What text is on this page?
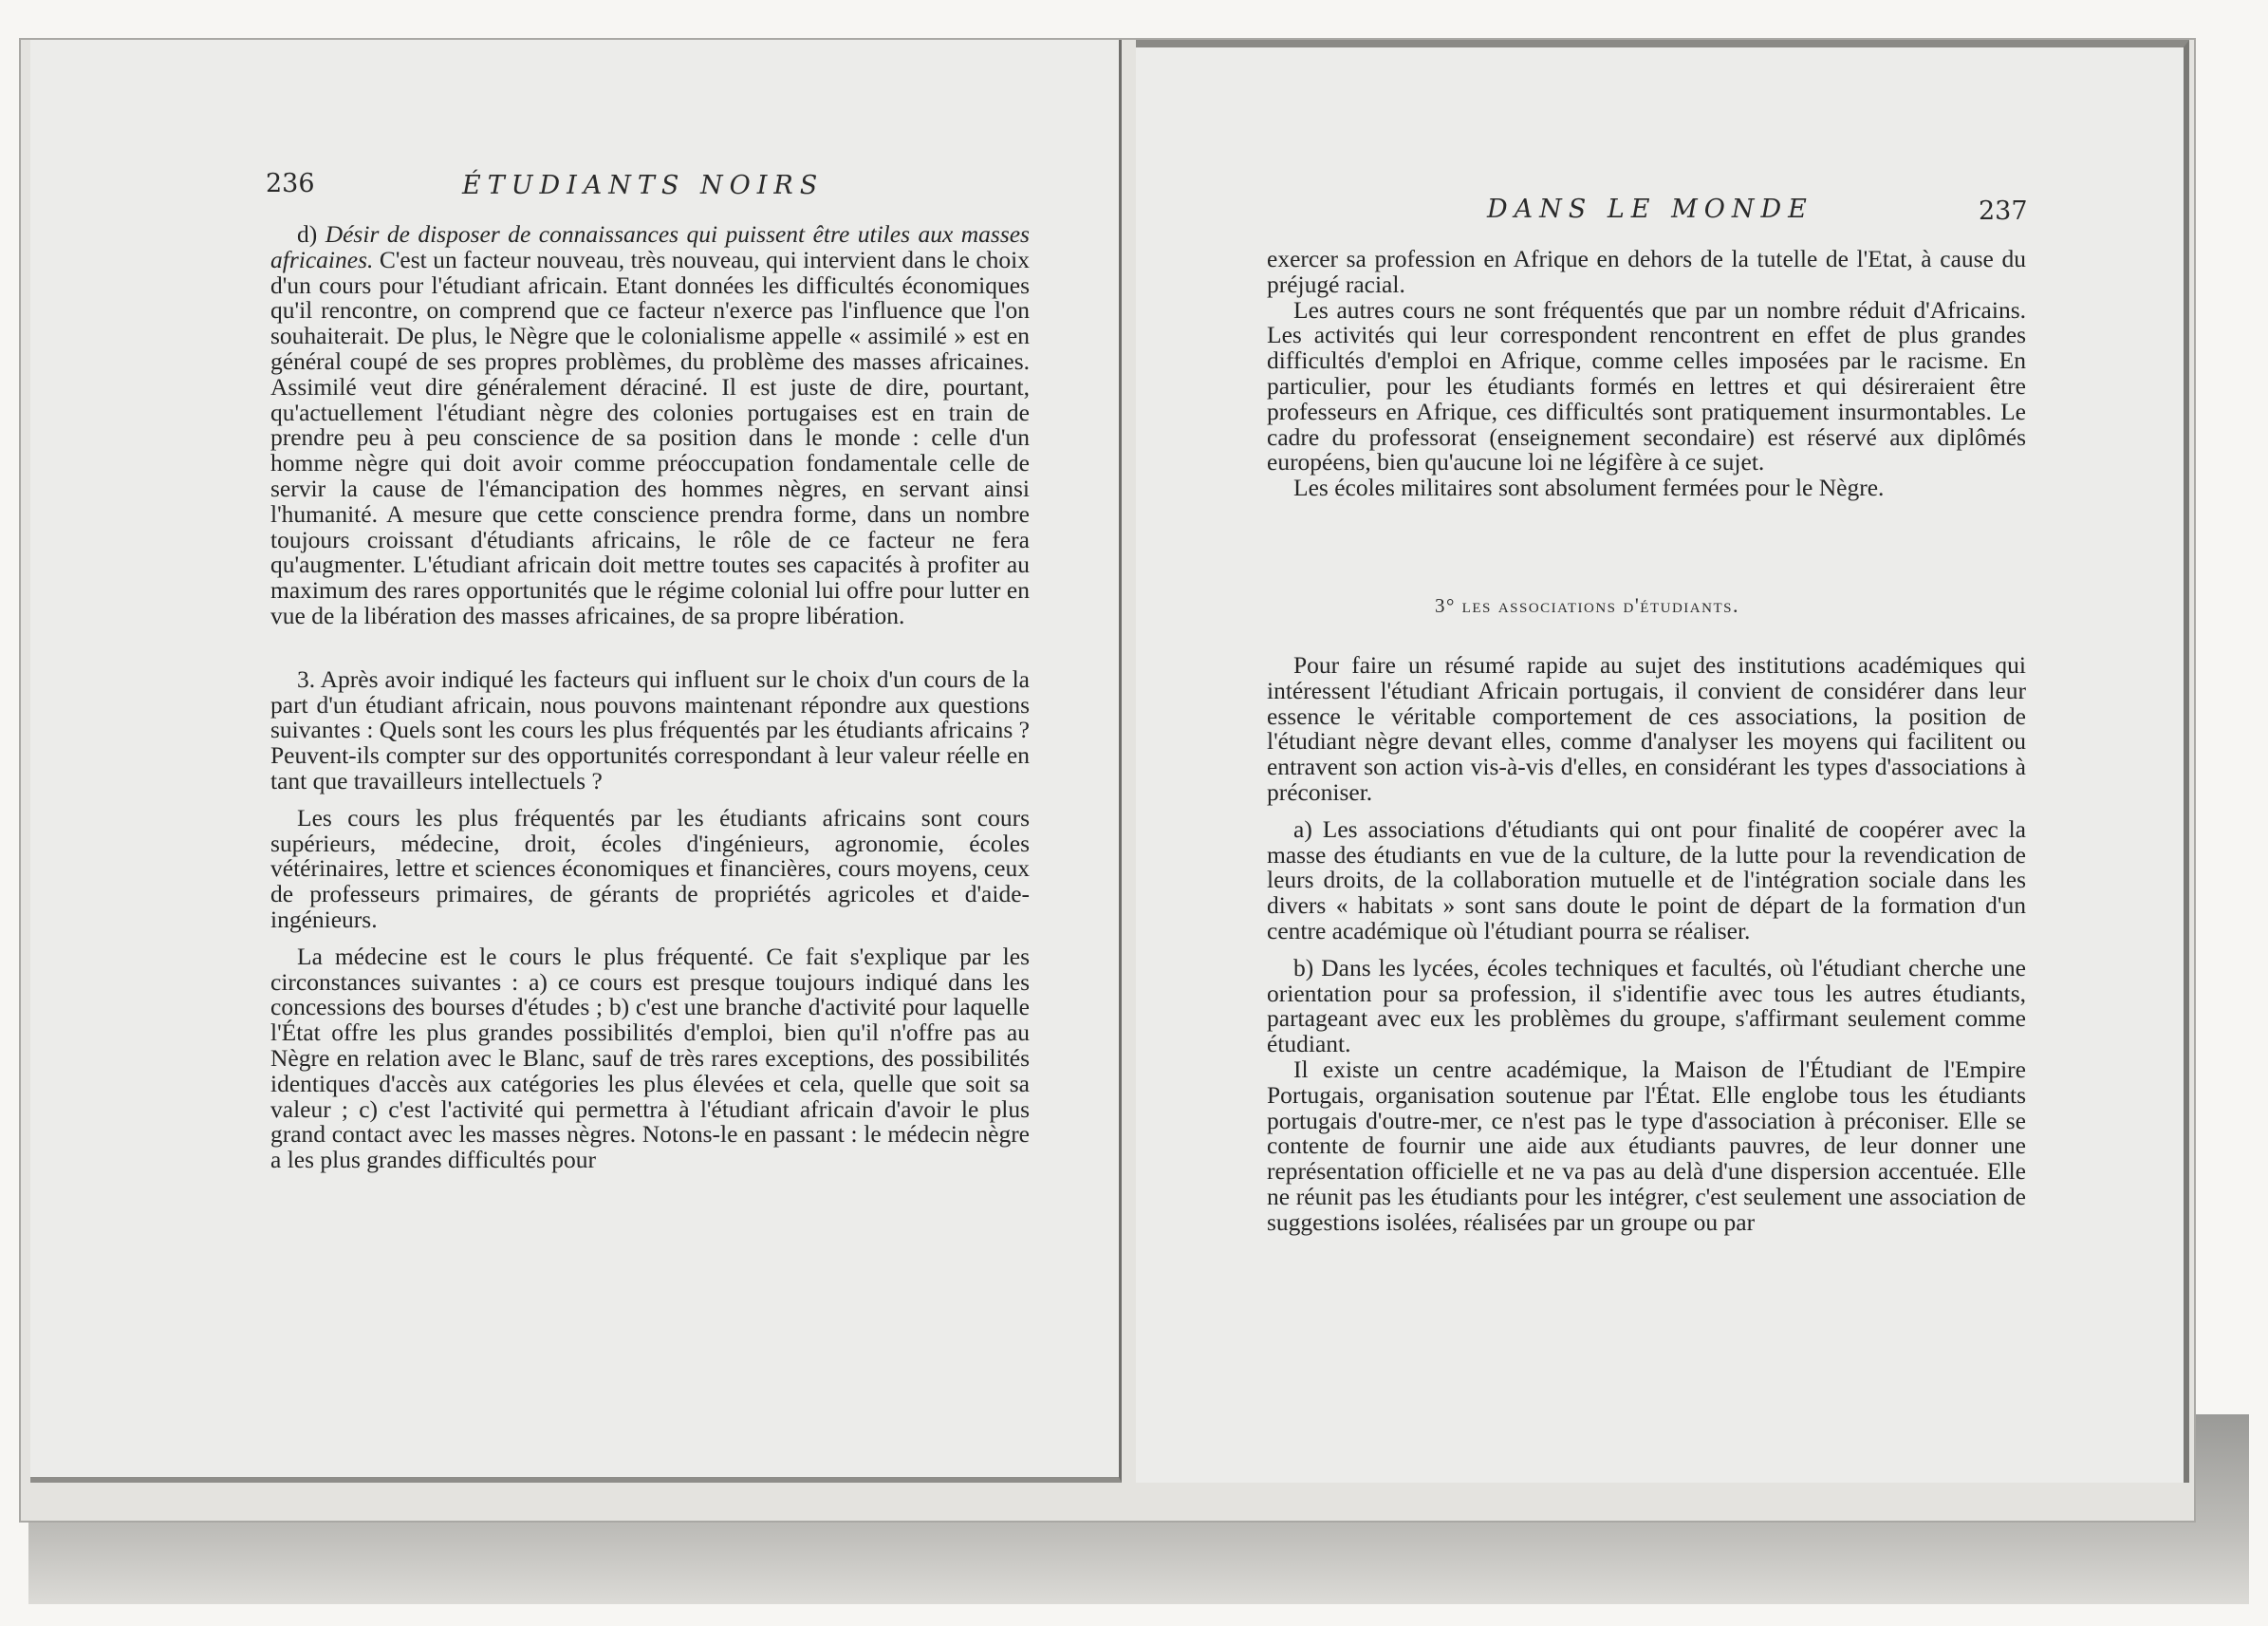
236	ÉTUDIANTS NOIRS

d) Désir de disposer de connaissances qui puissent être utiles aux masses africaines. C'est un facteur nouveau, très nouveau, qui intervient dans le choix d'un cours pour l'étudiant africain. Etant données les difficultés économiques qu'il rencontre, on comprend que ce facteur n'exerce pas l'influence que l'on souhaiterait. De plus, le Nègre que le colonialisme appelle « assimilé » est en général coupé de ses propres problèmes, du problème des masses africaines. Assimilé veut dire généralement déraciné. Il est juste de dire, pourtant, qu'actuellement l'étudiant nègre des colonies portugaises est en train de prendre peu à peu conscience de sa position dans le monde : celle d'un homme nègre qui doit avoir comme préoccupation fondamentale celle de servir la cause de l'émancipation des hommes nègres, en servant ainsi l'humanité. A mesure que cette conscience prendra forme, dans un nombre toujours croissant d'étudiants africains, le rôle de ce facteur ne fera qu'augmenter. L'étudiant africain doit mettre toutes ses capacités à profiter au maximum des rares opportunités que le régime colonial lui offre pour lutter en vue de la libération des masses africaines, de sa propre libération.

3. Après avoir indiqué les facteurs qui influent sur le choix d'un cours de la part d'un étudiant africain, nous pouvons maintenant répondre aux questions suivantes : Quels sont les cours les plus fréquentés par les étudiants africains ? Peuvent-ils compter sur des opportunités correspondant à leur valeur réelle en tant que travailleurs intellectuels ?

Les cours les plus fréquentés par les étudiants africains sont cours supérieurs, médecine, droit, écoles d'ingénieurs, agronomie, écoles vétérinaires, lettre et sciences économiques et financières, cours moyens, ceux de professeurs primaires, de gérants de propriétés agricoles et d'aide-ingénieurs.

La médecine est le cours le plus fréquenté. Ce fait s'explique par les circonstances suivantes : a) ce cours est presque toujours indiqué dans les concessions des bourses d'études ; b) c'est une branche d'activité pour laquelle l'État offre les plus grandes possibilités d'emploi, bien qu'il n'offre pas au Nègre en relation avec le Blanc, sauf de très rares exceptions, des possibilités identiques d'accès aux catégories les plus élevées et cela, quelle que soit sa valeur ; c) c'est l'activité qui permettra à l'étudiant africain d'avoir le plus grand contact avec les masses nègres. Notons-le en passant : le médecin nègre a les plus grandes difficultés pour

DANS LE MONDE	237

exercer sa profession en Afrique en dehors de la tutelle de l'Etat, à cause du préjugé racial.

Les autres cours ne sont fréquentés que par un nombre réduit d'Africains. Les activités qui leur correspondent rencontrent en effet de plus grandes difficultés d'emploi en Afrique, comme celles imposées par le racisme. En particulier, pour les étudiants formés en lettres et qui désireraient être professeurs en Afrique, ces difficultés sont pratiquement insurmontables. Le cadre du professorat (enseignement secondaire) est réservé aux diplômés européens, bien qu'aucune loi ne légifère à ce sujet.

Les écoles militaires sont absolument fermées pour le Nègre.

3° les associations d'étudiants.

Pour faire un résumé rapide au sujet des institutions académiques qui intéressent l'étudiant Africain portugais, il convient de considérer dans leur essence le véritable comportement de ces associations, la position de l'étudiant nègre devant elles, comme d'analyser les moyens qui facilitent ou entravent son action vis-à-vis d'elles, en considérant les types d'associations à préconiser.

a) Les associations d'étudiants qui ont pour finalité de coopérer avec la masse des étudiants en vue de la culture, de la lutte pour la revendication de leurs droits, de la collaboration mutuelle et de l'intégration sociale dans les divers « habitats » sont sans doute le point de départ de la formation d'un centre académique où l'étudiant pourra se réaliser.

b) Dans les lycées, écoles techniques et facultés, où l'étudiant cherche une orientation pour sa profession, il s'identifie avec tous les autres étudiants, partageant avec eux les problèmes du groupe, s'affirmant seulement comme étudiant.

Il existe un centre académique, la Maison de l'Étudiant de l'Empire Portugais, organisation soutenue par l'État. Elle englobe tous les étudiants portugais d'outre-mer, ce n'est pas le type d'association à préconiser. Elle se contente de fournir une aide aux étudiants pauvres, de leur donner une représentation officielle et ne va pas au delà d'une dispersion accentuée. Elle ne réunit pas les étudiants pour les intégrer, c'est seulement une association de suggestions isolées, réalisées par un groupe ou par
